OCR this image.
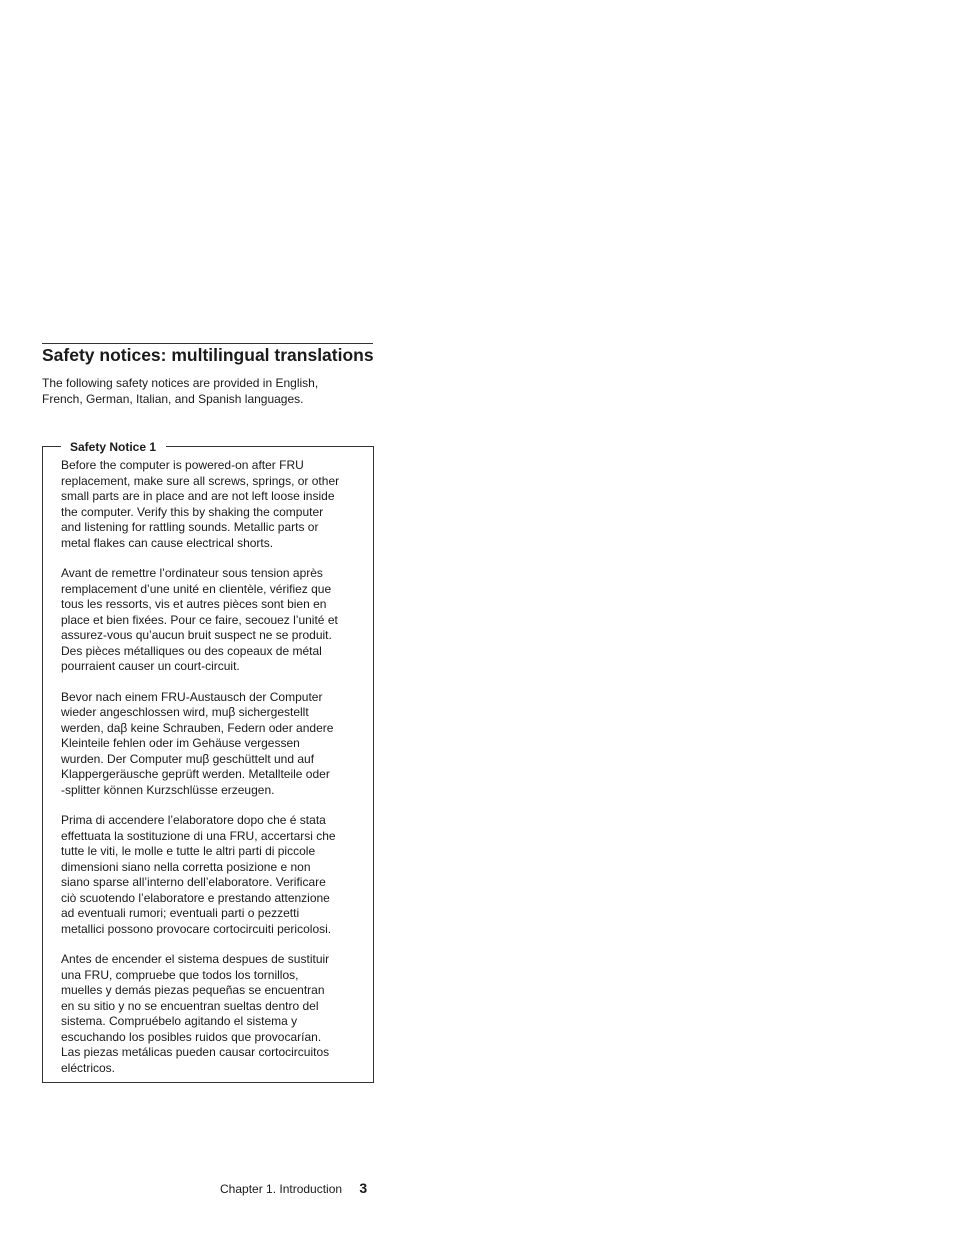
Safety notices: multilingual translations

The following safety notices are provided in English, French, German, Italian, and Spanish languages.

Safety Notice 1

Before the computer is powered-on after FRU
replacement, make sure all screws, springs, or other
small parts are in place and are not left loose inside
the computer. Verify this by shaking the computer
and listening for rattling sounds. Metallic parts or
metal flakes can cause electrical shorts.

Avant de remettre l’ordinateur sous tension après
remplacement d’une unité en clientèle, vérifiez que
tous les ressorts, vis et autres pièces sont bien en
place et bien fixées. Pour ce faire, secouez l’unité et
assurez-vous qu’aucun bruit suspect ne se produit.
Des pièces métalliques ou des copeaux de métal
pourraient causer un court-circuit.

Bevor nach einem FRU-Austausch der Computer
wieder angeschlossen wird, muβ sichergestellt
werden, daβ keine Schrauben, Federn oder andere
Kleinteile fehlen oder im Gehäuse vergessen
wurden. Der Computer muβ geschüttelt und auf
Klappergeräusche geprüft werden. Metallteile oder
-splitter können Kurzschlüsse erzeugen.

Prima di accendere l’elaboratore dopo che é stata
effettuata la sostituzione di una FRU, accertarsi che
tutte le viti, le molle e tutte le altri parti di piccole
dimensioni siano nella corretta posizione e non
siano sparse all’interno dell’elaboratore. Verificare
ciò scuotendo l’elaboratore e prestando attenzione
ad eventuali rumori; eventuali parti o pezzetti
metallici possono provocare cortocircuiti pericolosi.

Antes de encender el sistema despues de sustituir
una FRU, compruebe que todos los tornillos,
muelles y demás piezas pequeñas se encuentran
en su sitio y no se encuentran sueltas dentro del
sistema. Compruébelo agitando el sistema y
escuchando los posibles ruidos que provocarían.
Las piezas metálicas pueden causar cortocircuitos
eléctricos.

Chapter 1. Introduction 3
